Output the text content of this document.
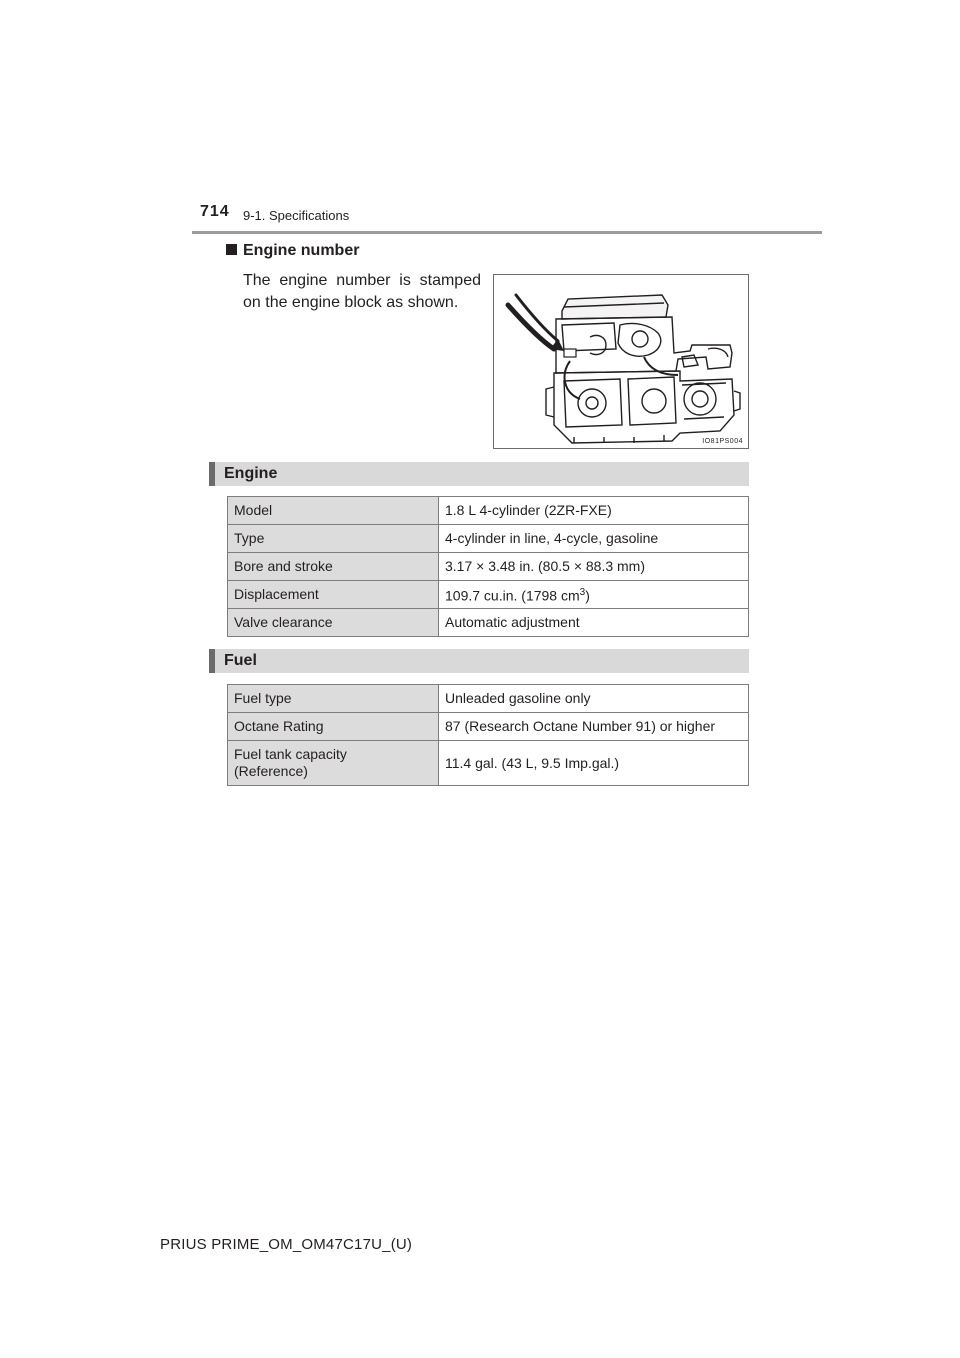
714 9-1. Specifications
Engine number
The engine number is stamped on the engine block as shown.
IO81PS004
Engine
Model	1.8 L 4-cylinder (2ZR-FXE)
Type	4-cylinder in line, 4-cycle, gasoline
Bore and stroke	3.17 × 3.48 in. (80.5 × 88.3 mm)
Displacement	109.7 cu.in. (1798 $cm^3$)
Valve clearance	Automatic adjustment
Fuel
Fuel type	Unleaded gasoline only
Octane Rating	87 (Research Octane Number 91) or higher
Fuel tank capacity
(Reference)	11.4 gal. (43 L, 9.5 Imp.gal.)
PRIUS PRIME_OM_OM47C17U_(U)
